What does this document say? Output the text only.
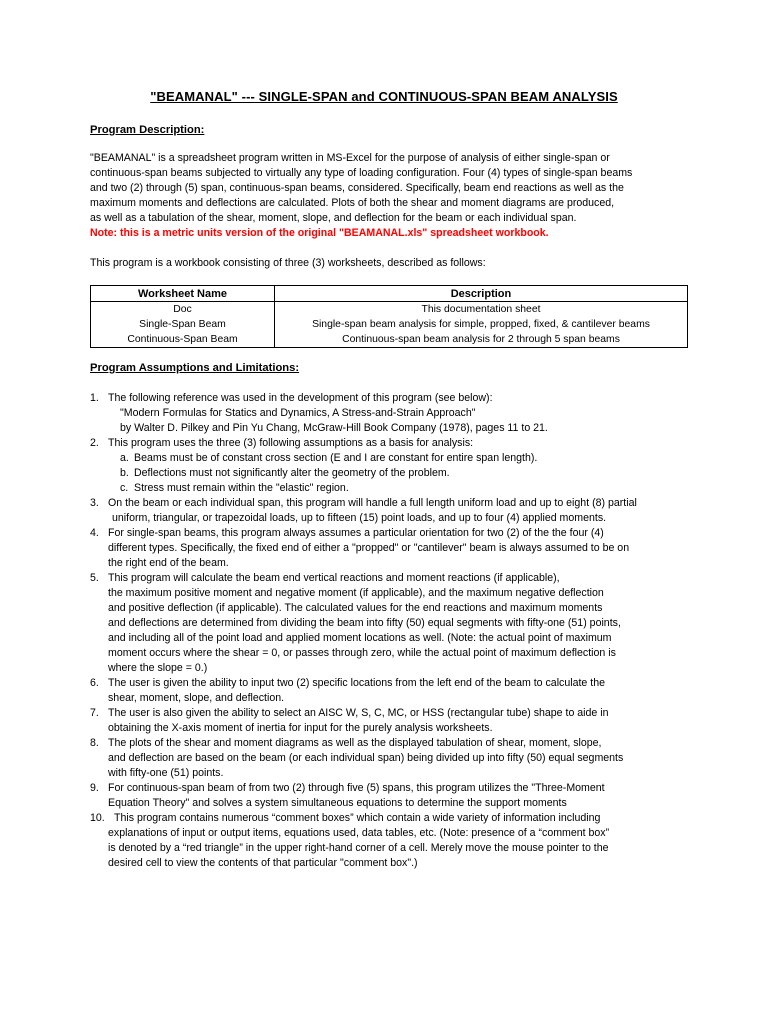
"BEAMANAL" --- SINGLE-SPAN and CONTINUOUS-SPAN BEAM ANALYSIS
Program Description:
"BEAMANAL" is a spreadsheet program written in MS-Excel for the purpose of analysis of either single-span or
continuous-span beams subjected to virtually any type of loading configuration. Four (4) types of single-span beams
and two (2) through (5) span, continuous-span beams, considered. Specifically, beam end reactions as well as the
maximum moments and deflections are calculated. Plots of both the shear and moment diagrams are produced,
as well as a tabulation of the shear, moment, slope, and deflection for the beam or each individual span.
Note: this is a metric units version of the original "BEAMANAL.xls" spreadsheet workbook.
This program is a workbook consisting of three (3) worksheets, described as follows:
Worksheet Name	Description
Doc	This documentation sheet
Single-Span Beam	Single-span beam analysis for simple, propped, fixed, & cantilever beams
Continuous-Span Beam	Continuous-span beam analysis for 2 through 5 span beams
Program Assumptions and Limitations:
1. The following reference was used in the development of this program (see below):
"Modern Formulas for Statics and Dynamics, A Stress-and-Strain Approach"
by Walter D. Pilkey and Pin Yu Chang, McGraw-Hill Book Company (1978), pages 11 to 21.
2. This program uses the three (3) following assumptions as a basis for analysis:
a. Beams must be of constant cross section (E and I are constant for entire span length).
b. Deflections must not significantly alter the geometry of the problem.
c. Stress must remain within the "elastic" region.
3. On the beam or each individual span, this program will handle a full length uniform load and up to eight (8) partial
uniform, triangular, or trapezoidal loads, up to fifteen (15) point loads, and up to four (4) applied moments.
4. For single-span beams, this program always assumes a particular orientation for two (2) of the the four (4)
different types. Specifically, the fixed end of either a "propped" or "cantilever" beam is always assumed to be on
the right end of the beam.
5. This program will calculate the beam end vertical reactions and moment reactions (if applicable),
the maximum positive moment and negative moment (if applicable), and the maximum negative deflection
and positive deflection (if applicable). The calculated values for the end reactions and maximum moments
and deflections are determined from dividing the beam into fifty (50) equal segments with fifty-one (51) points,
and including all of the point load and applied moment locations as well. (Note: the actual point of maximum
moment occurs where the shear = 0, or passes through zero, while the actual point of maximum deflection is
where the slope = 0.)
6. The user is given the ability to input two (2) specific locations from the left end of the beam to calculate the
shear, moment, slope, and deflection.
7. The user is also given the ability to select an AISC W, S, C, MC, or HSS (rectangular tube) shape to aide in
obtaining the X-axis moment of inertia for input for the purely analysis worksheets.
8. The plots of the shear and moment diagrams as well as the displayed tabulation of shear, moment, slope,
and deflection are based on the beam (or each individual span) being divided up into fifty (50) equal segments
with fifty-one (51) points.
9. For continuous-span beam of from two (2) through five (5) spans, this program utilizes the "Three-Moment
Equation Theory" and solves a system simultaneous equations to determine the support moments
10. This program contains numerous “comment boxes” which contain a wide variety of information including
explanations of input or output items, equations used, data tables, etc. (Note: presence of a “comment box”
is denoted by a “red triangle” in the upper right-hand corner of a cell. Merely move the mouse pointer to the
desired cell to view the contents of that particular "comment box".)
